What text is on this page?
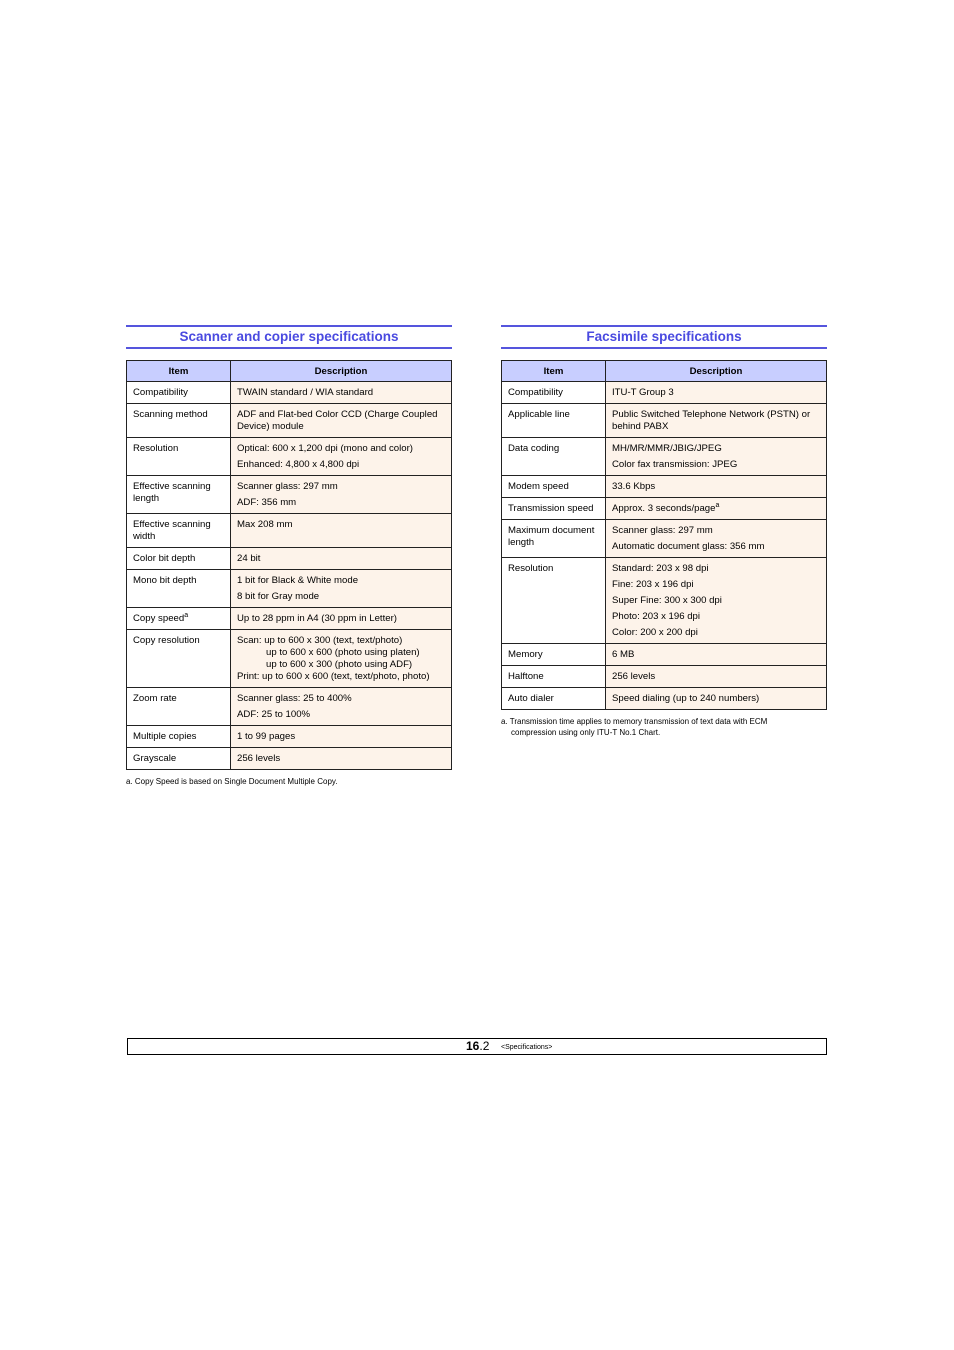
Scanner and copier specifications
Item	Description
Compatibility	TWAIN standard / WIA standard

Scanning method	ADF and Flat-bed Color CCD (Charge Coupled Device) module

Resolution	Optical: 600 x 1,200 dpi (mono and color)
Enhanced: 4,800 x 4,800 dpi

Effective scanning length	Scanner glass: 297 mm
ADF: 356 mm

Effective scanning width	Max 208 mm

Color bit depth	24 bit

Mono bit depth	1 bit for Black & White mode
8 bit for Gray mode

Copy speed$^a$	Up to 28 ppm in A4 (30 ppm in Letter)

Copy resolution	Scan: up to 600 x 300 (text, text/photo)
up to 600 x 600 (photo using platen)
up to 600 x 300 (photo using ADF)
Print: up to 600 x 600 (text, text/photo, photo)

Zoom rate	Scanner glass: 25 to 400%
ADF: 25 to 100%

Multiple copies	1 to 99 pages

Grayscale	256 levels
a. Copy Speed is based on Single Document Multiple Copy.
Facsimile specifications
Item	Description
Compatibility	ITU-T Group 3

Applicable line	Public Switched Telephone Network (PSTN) or behind PABX

Data coding	MH/MR/MMR/JBIG/JPEG
Color fax transmission: JPEG

Modem speed	33.6 Kbps

Transmission speed	Approx. 3 seconds/page$^a$

Maximum document length	Scanner glass: 297 mm
Automatic document glass: 356 mm

Resolution	Standard: 203 x 98 dpi
Fine: 203 x 196 dpi
Super Fine: 300 x 300 dpi
Photo: 203 x 196 dpi
Color: 200 x 200 dpi

Memory	6 MB

Halftone	256 levels

Auto dialer	Speed dialing (up to 240 numbers)
a. Transmission time applies to memory transmission of text data with ECM
compression using only ITU-T No.1 Chart.
16.2 <Specifications>
